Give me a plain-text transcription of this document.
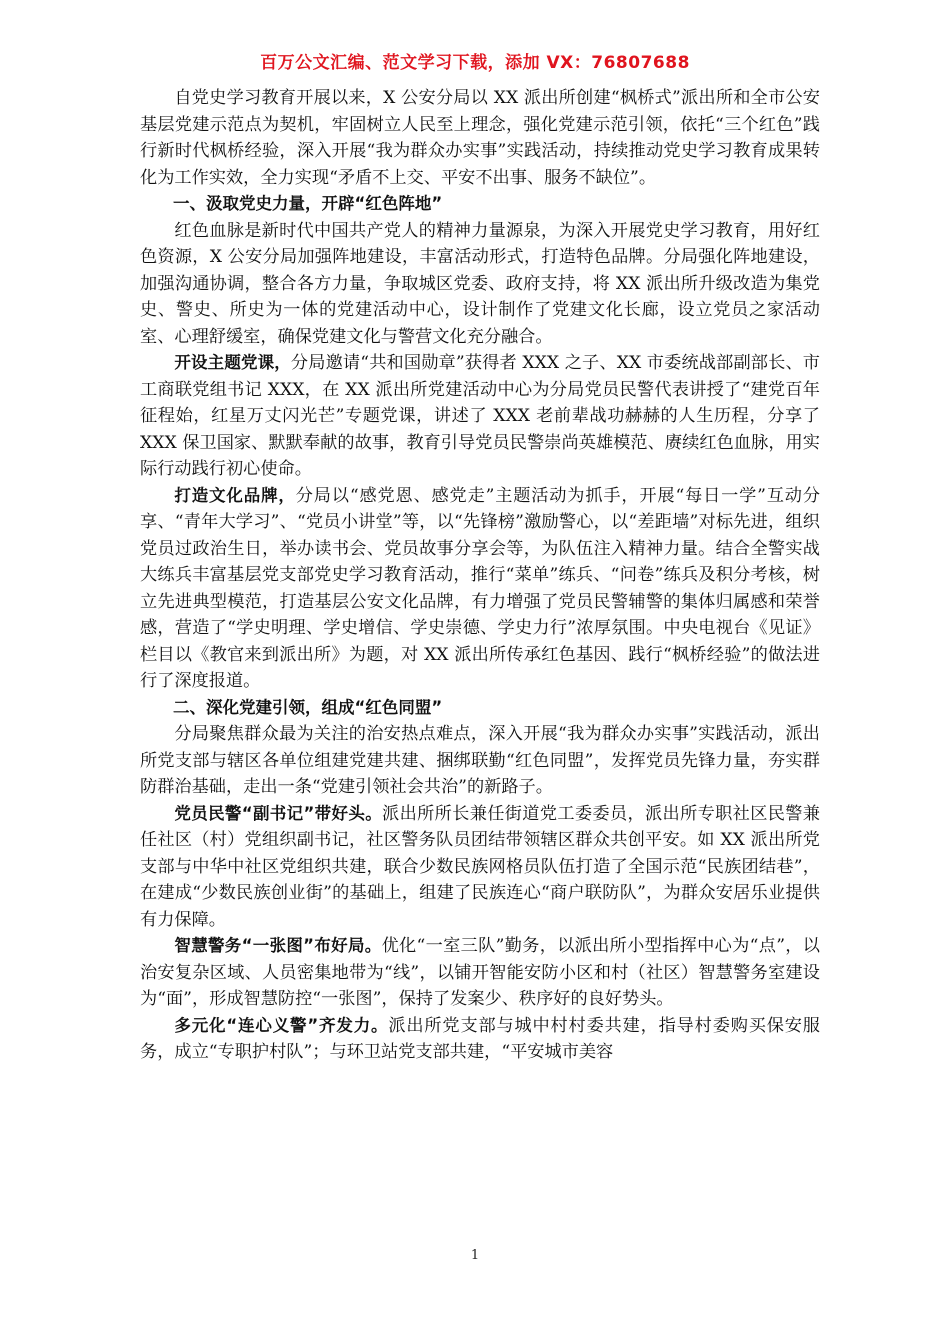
百万公文汇编、范文学习下载，添加 VX：76807688

自党史学习教育开展以来，X 公安分局以 XX 派出所创建“枫桥式”派出所和全市公安基层党建示范点为契机，牢固树立人民至上理念，强化党建示范引领，依托“三个红色”践行新时代枫桥经验，深入开展“我为群众办实事”实践活动，持续推动党史学习教育成果转化为工作实效，全力实现“矛盾不上交、平安不出事、服务不缺位”。

一、汲取党史力量，开辟“红色阵地”

红色血脉是新时代中国共产党人的精神力量源泉，为深入开展党史学习教育，用好红色资源，X 公安分局加强阵地建设，丰富活动形式，打造特色品牌。分局强化阵地建设，加强沟通协调，整合各方力量，争取城区党委、政府支持，将 XX 派出所升级改造为集党史、警史、所史为一体的党建活动中心，设计制作了党建文化长廊，设立党员之家活动室、心理舒缓室，确保党建文化与警营文化充分融合。

开设主题党课，分局邀请“共和国勋章”获得者 XXX 之子、XX 市委统战部副部长、市工商联党组书记 XXX，在 XX 派出所党建活动中心为分局党员民警代表讲授了“建党百年征程始，红星万丈闪光芒”专题党课，讲述了 XXX 老前辈战功赫赫的人生历程，分享了 XXX 保卫国家、默默奉献的故事，教育引导党员民警崇尚英雄模范、赓续红色血脉，用实际行动践行初心使命。

打造文化品牌，分局以“感党恩、感党走”主题活动为抓手，开展“每日一学”互动分享、“青年大学习”、“党员小讲堂”等，以“先锋榜”激励警心，以“差距墙”对标先进，组织党员过政治生日，举办读书会、党员故事分享会等，为队伍注入精神力量。结合全警实战大练兵丰富基层党支部党史学习教育活动，推行“菜单”练兵、“问卷”练兵及积分考核，树立先进典型模范，打造基层公安文化品牌，有力增强了党员民警辅警的集体归属感和荣誉感，营造了“学史明理、学史增信、学史崇德、学史力行”浓厚氛围。中央电视台《见证》栏目以《教官来到派出所》为题，对 XX 派出所传承红色基因、践行“枫桥经验”的做法进行了深度报道。

二、深化党建引领，组成“红色同盟”

分局聚焦群众最为关注的治安热点难点，深入开展“我为群众办实事”实践活动，派出所党支部与辖区各单位组建党建共建、捆绑联勤“红色同盟”，发挥党员先锋力量，夯实群防群治基础，走出一条“党建引领社会共治”的新路子。

党员民警“副书记”带好头。派出所所长兼任街道党工委委员，派出所专职社区民警兼任社区（村）党组织副书记，社区警务队员团结带领辖区群众共创平安。如 XX 派出所党支部与中华中社区党组织共建，联合少数民族网格员队伍打造了全国示范“民族团结巷”，在建成“少数民族创业街”的基础上，组建了民族连心“商户联防队”，为群众安居乐业提供有力保障。

智慧警务“一张图”布好局。优化“一室三队”勤务，以派出所小型指挥中心为“点”，以治安复杂区域、人员密集地带为“线”，以铺开智能安防小区和村（社区）智慧警务室建设为“面”，形成智慧防控“一张图”，保持了发案少、秩序好的良好势头。

多元化“连心义警”齐发力。派出所党支部与城中村村委共建，指导村委购买保安服务，成立“专职护村队”；与环卫站党支部共建，“平安城市美容

1
